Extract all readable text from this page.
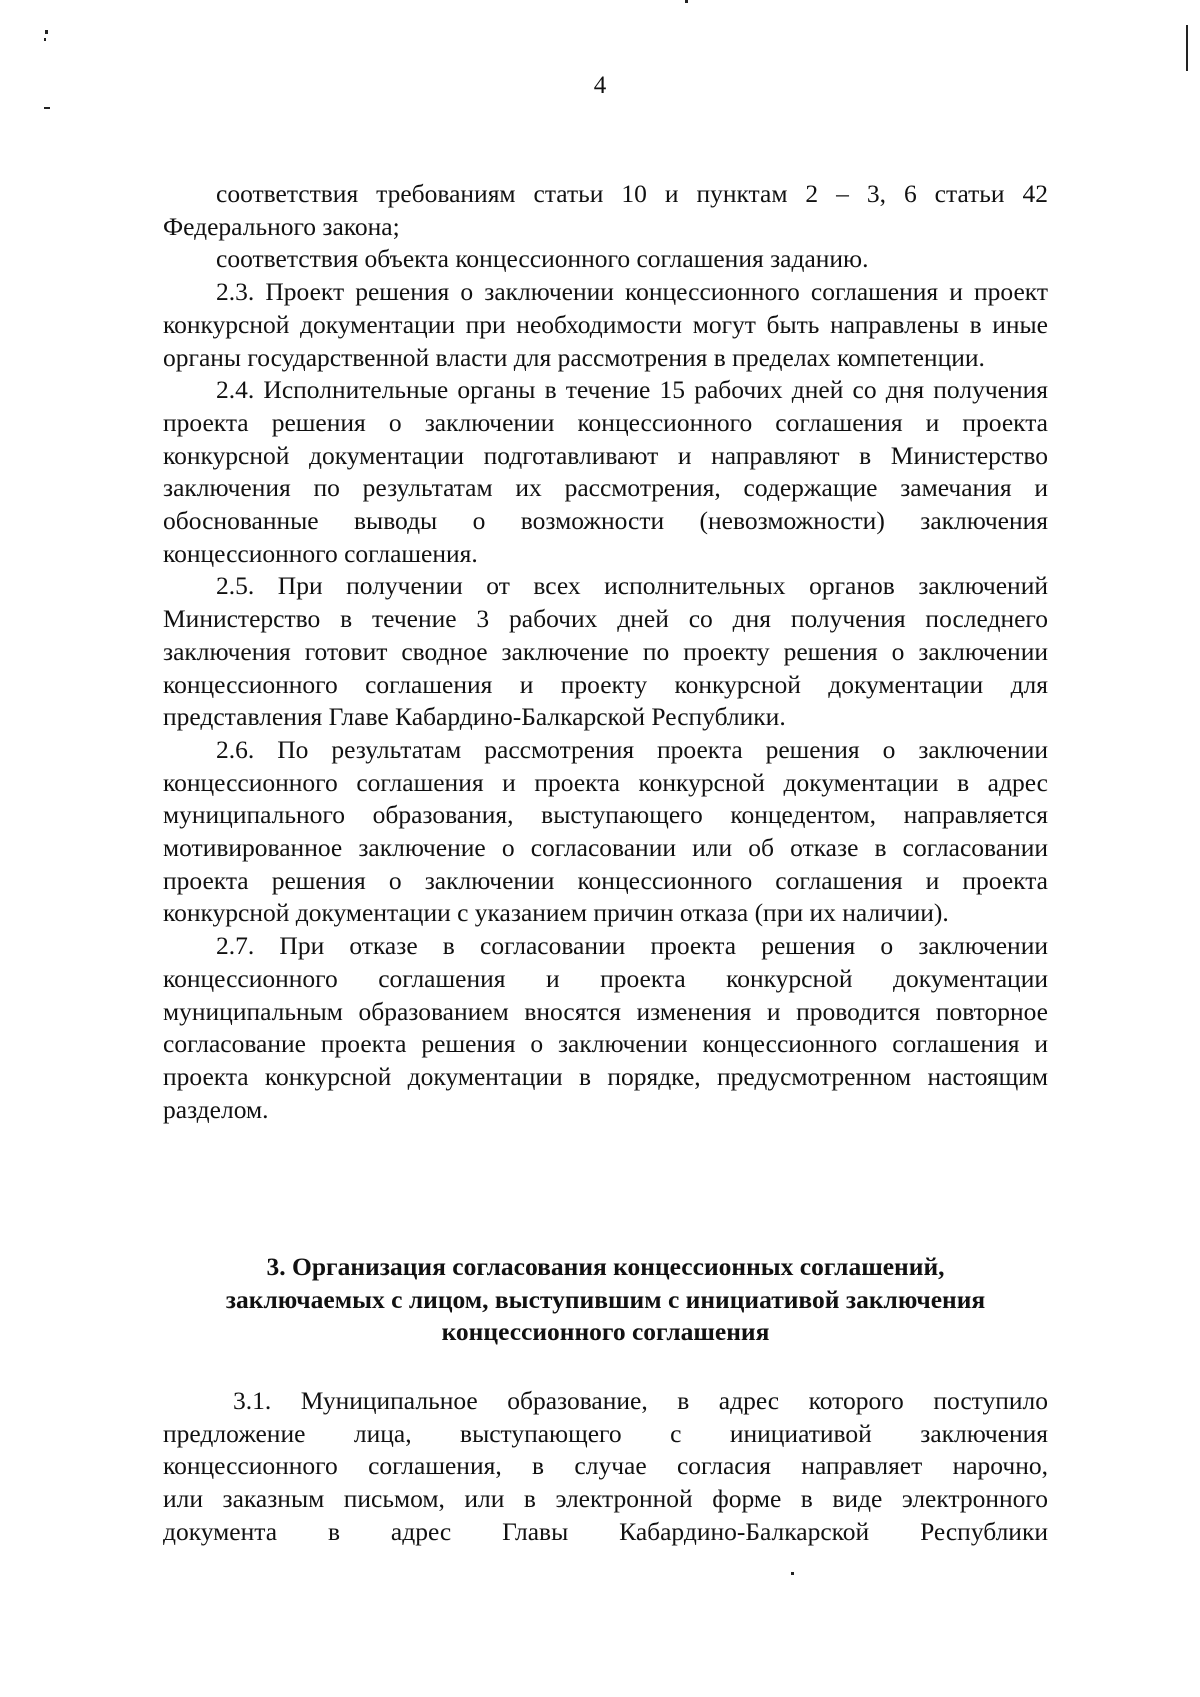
4

соответствия требованиям статьи 10 и пунктам 2 – 3, 6 статьи 42 Федерального закона;

соответствия объекта концессионного соглашения заданию.

2.3. Проект решения о заключении концессионного соглашения и проект конкурсной документации при необходимости могут быть направлены в иные органы государственной власти для рассмотрения в пределах компетенции.

2.4. Исполнительные органы в течение 15 рабочих дней со дня получения проекта решения о заключении концессионного соглашения и проекта конкурсной документации подготавливают и направляют в Министерство заключения по результатам их рассмотрения, содержащие замечания и обоснованные выводы о возможности (невозможности) заключения концессионного соглашения.

2.5. При получении от всех исполнительных органов заключений Министерство в течение 3 рабочих дней со дня получения последнего заключения готовит сводное заключение по проекту решения о заключении концессионного соглашения и проекту конкурсной документации для представления Главе Кабардино-Балкарской Республики.

2.6. По результатам рассмотрения проекта решения о заключении концессионного соглашения и проекта конкурсной документации в адрес муниципального образования, выступающего концедентом, направляется мотивированное заключение о согласовании или об отказе в согласовании проекта решения о заключении концессионного соглашения и проекта конкурсной документации с указанием причин отказа (при их наличии).

2.7. При отказе в согласовании проекта решения о заключении концессионного соглашения и проекта конкурсной документации муниципальным образованием вносятся изменения и проводится повторное согласование проекта решения о заключении концессионного соглашения и проекта конкурсной документации в порядке, предусмотренном настоящим разделом.

3. Организация согласования концессионных соглашений,
заключаемых с лицом, выступившим с инициативой заключения
концессионного соглашения
3.1. Муниципальное образование, в адрес которого поступило
предложение лица, выступающего с инициативой заключения
концессионного соглашения, в случае согласия направляет нарочно,
или заказным письмом, или в электронной форме в виде электронного
документа в адрес Главы Кабардино-Балкарской Республики
